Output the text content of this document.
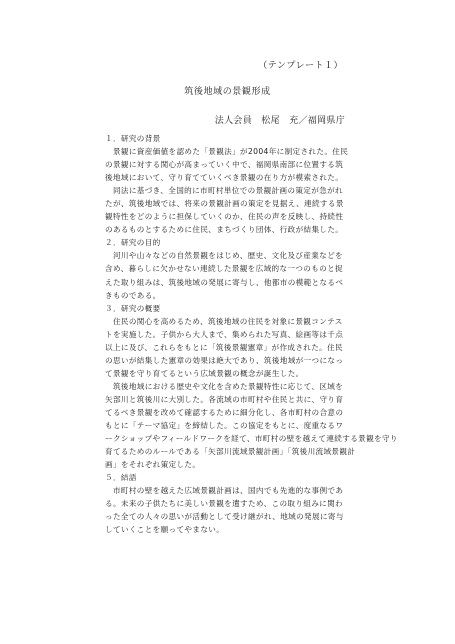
（テンプレート１）
筑後地域の景観形成
法人会員　松尾　充／福岡県庁

１．研究の背景

　景観に資産価値を認めた「景観法」が2004年に制定された。住民

の景観に対する関心が高まっていく中で、福岡県南部に位置する筑

後地域において、守り育てていくべき景観の在り方が模索された。

　同法に基づき、全国的に市町村単位での景観計画の策定が急がれ

たが、筑後地域では、将来の景観計画の策定を見据え、連続する景

観特性をどのように担保していくのか、住民の声を反映し、持続性

のあるものとするために住民、まちづくり団体、行政が結集した。

２．研究の目的

　河川や山々などの自然景観をはじめ、歴史、文化及び産業などを

含め、暮らしに欠かせない連続した景観を広域的な一つのものと捉

えた取り組みは、筑後地域の発展に寄与し、他都市の模範となるべ

きものである。

３．研究の概要

　住民の関心を高めるため、筑後地域の住民を対象に景観コンテス

トを実施した。子供から大人まで、集められた写真、絵画等は千点

以上に及び、これらをもとに「筑後景観憲章」が作成された。住民

の思いが結集した憲章の効果は絶大であり、筑後地域が一つになっ

て景観を守り育てるという広域景観の概念が誕生した。

　筑後地域における歴史や文化を含めた景観特性に応じて、区域を

矢部川と筑後川に大別した。各流域の市町村や住民と共に、守り育

てるべき景観を改めて確認するために細分化し、各市町村の合意の

もとに「テーマ協定」を締結した。この協定をもとに、度重なるワ

ークショップやフィールドワークを経て、市町村の壁を越えて連続する景観を守り

育てるためのルールである「矢部川流域景観計画」「筑後川流域景観計

画」をそれぞれ策定した。

５．結語

　市町村の壁を越えた広域景観計画は、国内でも先進的な事例であ

る。未来の子供たちに美しい景観を遺すため、この取り組みに関わ

った全ての人々の思いが活動として受け継がれ、地域の発展に寄与

していくことを願ってやまない。
